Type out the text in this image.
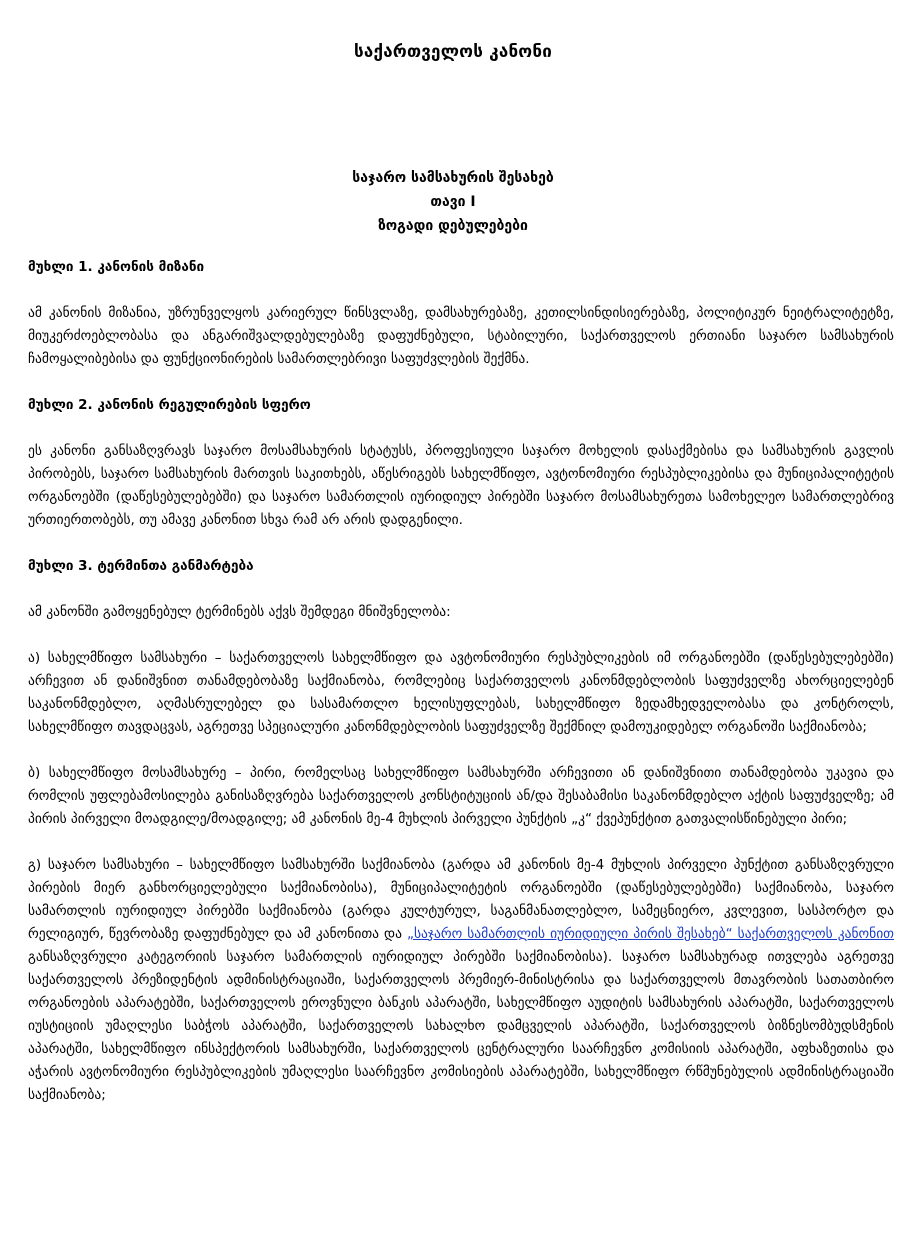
საქართველოს კანონი
საჯარო სამსახურის შესახებ
თავი I
ზოგადი დებულებები

მუხლი 1. კანონის მიზანი

ამ კანონის მიზანია, უზრუნველყოს კარიერულ წინსვლაზე, დამსახურებაზე, კეთილსინდისიერებაზე, პოლიტიკურ ნეიტრალიტეტზე, მიუკერძოებლობასა და ანგარიშვალდებულებაზე დაფუძნებული, სტაბილური, საქართველოს ერთიანი საჯარო სამსახურის ჩამოყალიბებისა და ფუნქციონირების სამართლებრივი საფუძვლების შექმნა.

მუხლი 2. კანონის რეგულირების სფერო

ეს კანონი განსაზღვრავს საჯარო მოსამსახურის სტატუსს, პროფესიული საჯარო მოხელის დასაქმებისა და სამსახურის გავლის პირობებს, საჯარო სამსახურის მართვის საკითხებს, აწესრიგებს სახელმწიფო, ავტონომიური რესპუბლიკებისა და მუნიციპალიტეტის ორგანოებში (დაწესებულებებში) და საჯარო სამართლის იურიდიულ პირებში საჯარო მოსამსახურეთა სამოხელეო სამართლებრივ ურთიერთობებს, თუ ამავე კანონით სხვა რამ არ არის დადგენილი.

მუხლი 3. ტერმინთა განმარტება

ამ კანონში გამოყენებულ ტერმინებს აქვს შემდეგი მნიშვნელობა:

ა) სახელმწიფო სამსახური – საქართველოს სახელმწიფო და ავტონომიური რესპუბლიკების იმ ორგანოებში (დაწესებულებებში) არჩევით ან დანიშვნით თანამდებობაზე საქმიანობა, რომლებიც საქართველოს კანონმდებლობის საფუძველზე ახორციელებენ საკანონმდებლო, აღმასრულებელ და სასამართლო ხელისუფლებას, სახელმწიფო ზედამხედველობასა და კონტროლს, სახელმწიფო თავდაცვას, აგრეთვე სპეციალური კანონმდებლობის საფუძველზე შექმნილ დამოუკიდებელ ორგანოში საქმიანობა;

ბ) სახელმწიფო მოსამსახურე – პირი, რომელსაც სახელმწიფო სამსახურში არჩევითი ან დანიშვნითი თანამდებობა უკავია და რომლის უფლებამოსილება განისაზღვრება საქართველოს კონსტიტუციის ან/და შესაბამისი საკანონმდებლო აქტის საფუძველზე; ამ პირის პირველი მოადგილე/მოადგილე; ამ კანონის მე-4 მუხლის პირველი პუნქტის „კ“ ქვეპუნქტით გათვალისწინებული პირი;

გ) საჯარო სამსახური – სახელმწიფო სამსახურში საქმიანობა (გარდა ამ კანონის მე-4 მუხლის პირველი პუნქტით განსაზღვრული პირების მიერ განხორციელებული საქმიანობისა), მუნიციპალიტეტის ორგანოებში (დაწესებულებებში) საქმიანობა, საჯარო სამართლის იურიდიულ პირებში საქმიანობა (გარდა კულტურულ, საგანმანათლებლო, სამეცნიერო, კვლევით, სასპორტო და რელიგიურ, წევრობაზე დაფუძნებულ და ამ კანონითა და „საჯარო სამართლის იურიდიული პირის შესახებ“ საქართველოს კანონით განსაზღვრული კატეგორიის საჯარო სამართლის იურიდიულ პირებში საქმიანობისა). საჯარო სამსახურად ითვლება აგრეთვე საქართველოს პრეზიდენტის ადმინისტრაციაში, საქართველოს პრემიერ-მინისტრისა და საქართველოს მთავრობის სათათბირო ორგანოების აპარატებში, საქართველოს ეროვნული ბანკის აპარატში, სახელმწიფო აუდიტის სამსახურის აპარატში, საქართველოს იუსტიციის უმაღლესი საბჭოს აპარატში, საქართველოს სახალხო დამცველის აპარატში, საქართველოს ბიზნესომბუდსმენის აპარატში, სახელმწიფო ინსპექტორის სამსახურში, საქართველოს ცენტრალური საარჩევნო კომისიის აპარატში, აფხაზეთისა და აჭარის ავტონომიური რესპუბლიკების უმაღლესი საარჩევნო კომისიების აპარატებში, სახელმწიფო რწმუნებულის ადმინისტრაციაში საქმიანობა;
